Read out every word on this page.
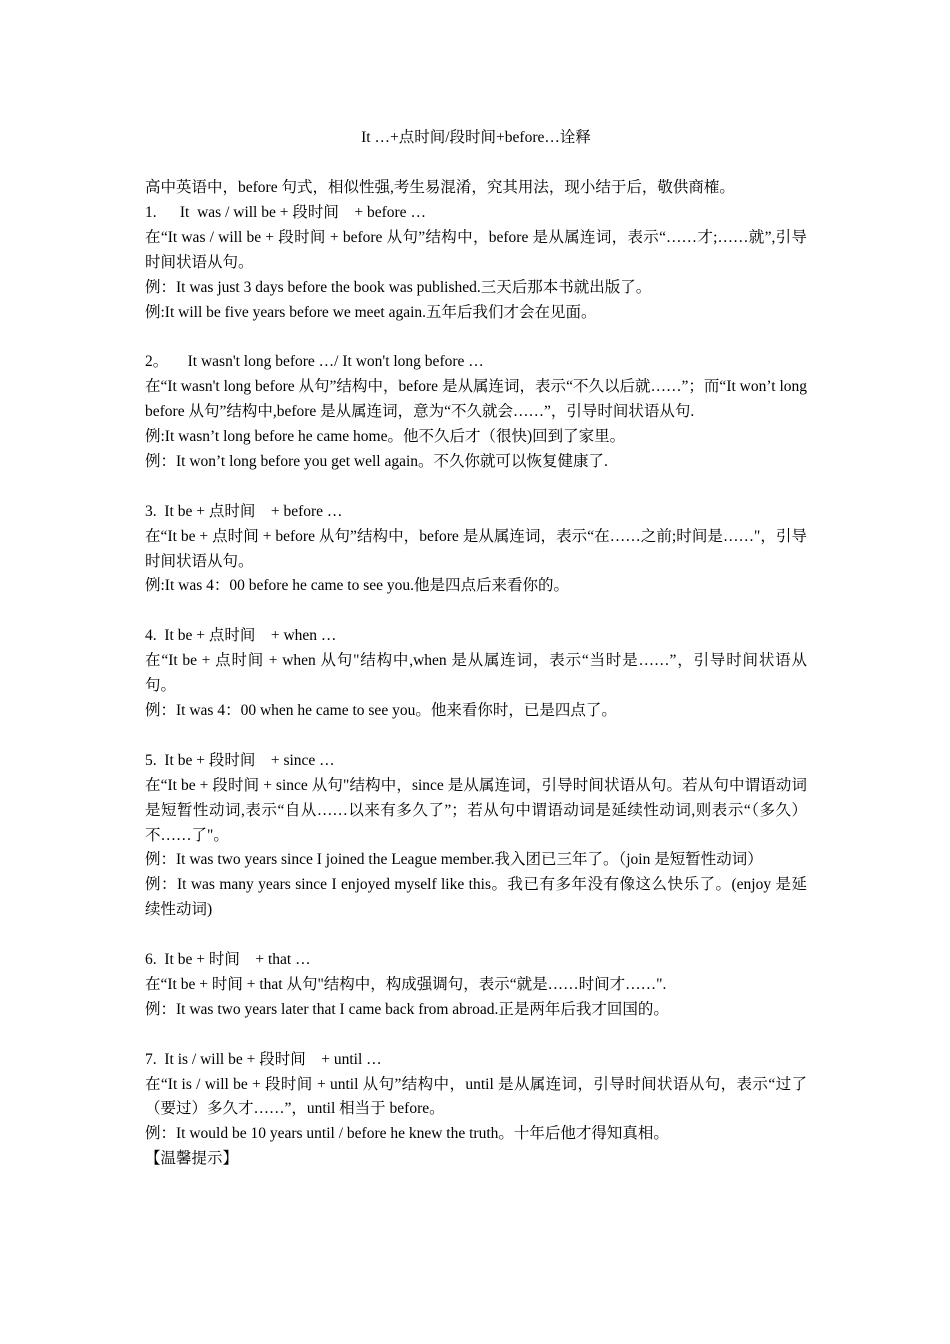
It …+点时间/段时间+before…诠释
高中英语中，before 句式，相似性强,考生易混淆，究其用法，现小结于后，敬供商榷。
1.      It  was / will be + 段时间    + before …
在“It was / will be + 段时间 + before 从句”结构中，before 是从属连词，表示“……才;……就”,引导时间状语从句。
例：It was just 3 days before the book was published.三天后那本书就出版了。
例:It will be five years before we meet again.五年后我们才会在见面。
2。     It wasn't long before …/ It won't long before …
在“It wasn't long before 从句”结构中，before 是从属连词，表示“不久以后就……”；而“It won’t long before 从句”结构中,before 是从属连词，意为“不久就会……”，引导时间状语从句.
例:It wasn’t long before he came home。他不久后才（很快)回到了家里。
例：It won’t long before you get well again。不久你就可以恢复健康了.
3.  It be + 点时间    + before …
在“It be + 点时间 + before 从句”结构中，before 是从属连词，表示“在……之前;时间是……"，引导时间状语从句。
例:It was 4：00 before he came to see you.他是四点后来看你的。
4.  It be + 点时间    + when …
在“It be + 点时间 + when 从句"结构中,when 是从属连词，表示“当时是……”，引导时间状语从句。
例：It was 4：00 when he came to see you。他来看你时，已是四点了。
5.  It be + 段时间    + since …
在“It be + 段时间 + since 从句"结构中，since 是从属连词，引导时间状语从句。若从句中谓语动词是短暂性动词,表示“自从……以来有多久了”；若从句中谓语动词是延续性动词,则表示“（多久）不……了"。
例：It was two years since I joined the League member.我入团已三年了。（join 是短暂性动词）
例：It was many years since I enjoyed myself like this。我已有多年没有像这么快乐了。(enjoy 是延续性动词)
6.  It be + 时间    + that …
在“It be + 时间 + that 从句"结构中，构成强调句，表示“就是……时间才……".
例：It was two years later that I came back from abroad.正是两年后我才回国的。
7.  It is / will be + 段时间    + until …
在“It is / will be + 段时间 + until 从句”结构中，until 是从属连词，引导时间状语从句，表示“过了（要过）多久才……”，until 相当于 before。
例：It would be 10 years until / before he knew the truth。十年后他才得知真相。
【温馨提示】
